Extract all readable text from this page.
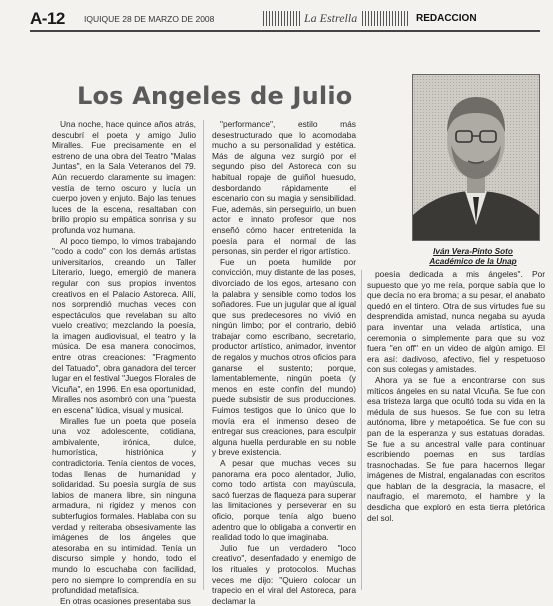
A-12 IQUIQUE 28 DE MARZO DE 2008	La Estrella	REDACCION
Los Angeles de Julio
Iván Vera-Pinto Soto
Académico de la Unap

Una noche, hace quince años atrás, descubrí el poeta y amigo Julio Miralles. Fue precisamente en el estreno de una obra del Teatro "Malas Juntas", en la Sala Veteranos del 79. Aún recuerdo claramente su imagen: vestía de terno oscuro y lucía un cuerpo joven y enjuto. Bajo las tenues luces de la escena, resaltaban con brillo propio su empática sonrisa y su profunda voz humana.

Al poco tiempo, lo vimos trabajando "codo a codo" con los demás artistas universitarios, creando un Taller Literario, luego, emergió de manera regular con sus propios inventos creativos en el Palacio Astoreca. Allí, nos sorprendió muchas veces con espectáculos que revelaban su alto vuelo creativo; mezclando la poesía, la imagen audiovisual, el teatro y la música. De esa manera conocimos, entre otras creaciones: "Fragmento del Tatuado", obra ganadora del tercer lugar en el festival "Juegos Florales de Vicuña", en 1996. En esa oportunidad, Miralles nos asombró con una "puesta en escena" lúdica, visual y musical.

Miralles fue un poeta que poseía una voz adolescente, cotidiana, ambivalente, irónica, dulce, humorística, histriónica y contradictoria. Tenía cientos de voces, todas llenas de humanidad y solidaridad. Su poesía surgía de sus labios de manera libre, sin ninguna armadura, ni rigidez y menos con subterfugios formales. Hablaba con su verdad y reiteraba obsesivamente las imágenes de los ángeles que atesoraba en su intimidad. Tenía un discurso simple y hondo, todo el mundo lo escuchaba con facilidad, pero no siempre lo comprendía en su profundidad metafísica.

En otras ocasiones presentaba sus

"performance", estilo más desestructurado que lo acomodaba mucho a su personalidad y estética. Más de alguna vez surgió por el segundo piso del Astoreca con su habitual ropaje de guiñol huesudo, desbordando rápidamente el escenario con su magia y sensibilidad. Fue, además, sin perseguirlo, un buen actor e innato profesor que nos enseñó cómo hacer entretenida la poesía para el normal de las personas, sin perder el rigor artístico.

Fue un poeta humilde por convicción, muy distante de las poses, divorciado de los egos, artesano con la palabra y sensible como todos los soñadores. Fue un jugular que al igual que sus predecesores no vivió en ningún limbo; por el contrario, debió trabajar como escribano, secretario, productor artístico, animador, inventor de regalos y muchos otros oficios para ganarse el sustento; porque, lamentablemente, ningún poeta (y menos en este confín del mundo) puede subsistir de sus producciones. Fuimos testigos que lo único que lo movía era el inmenso deseo de entregar sus creaciones, para esculpir alguna huella perdurable en su noble y breve existencia.

A pesar que muchas veces su panorama era poco alentador, Julio, como todo artista con mayúscula, sacó fuerzas de flaqueza para superar las limitaciones y perseverar en su oficio, porque tenía algo bueno adentro que lo obligaba a convertir en realidad todo lo que imaginaba.

Julio fue un verdadero "loco creativo", desenfadado y enemigo de los rituales y protocolos. Muchas veces me dijo: "Quiero colocar un trapecio en el viral del Astoreca, para declamar la

poesía dedicada a mis ángeles". Por supuesto que yo me reía, porque sabía que lo que decía no era broma; a su pesar, el anabato quedó en el tintero. Otra de sus virtudes fue su desprendida amistad, nunca negaba su ayuda para inventar una velada artística, una ceremonia o simplemente para que su voz fuera "en off" en un video de algún amigo. El era así: dadivoso, afectivo, fiel y respetuoso con sus colegas y amistades.

Ahora ya se fue a encontrarse con sus míticos ángeles en su natal Vicuña. Se fue con esa tristeza larga que ocultó toda su vida en la médula de sus huesos. Se fue con su letra autónoma, libre y metapoética. Se fue con su pan de la esperanza y sus estatuas doradas. Se fue a su ancestral valle para continuar escribiendo poemas en sus tardías trasnochadas. Se fue para hacernos llegar imágenes de Mistral, engalanadas con escritos que hablan de la desgracia, la masacre, el naufragio, el maremoto, el hambre y la desdicha que exploró en esta tierra pletórica del sol.
